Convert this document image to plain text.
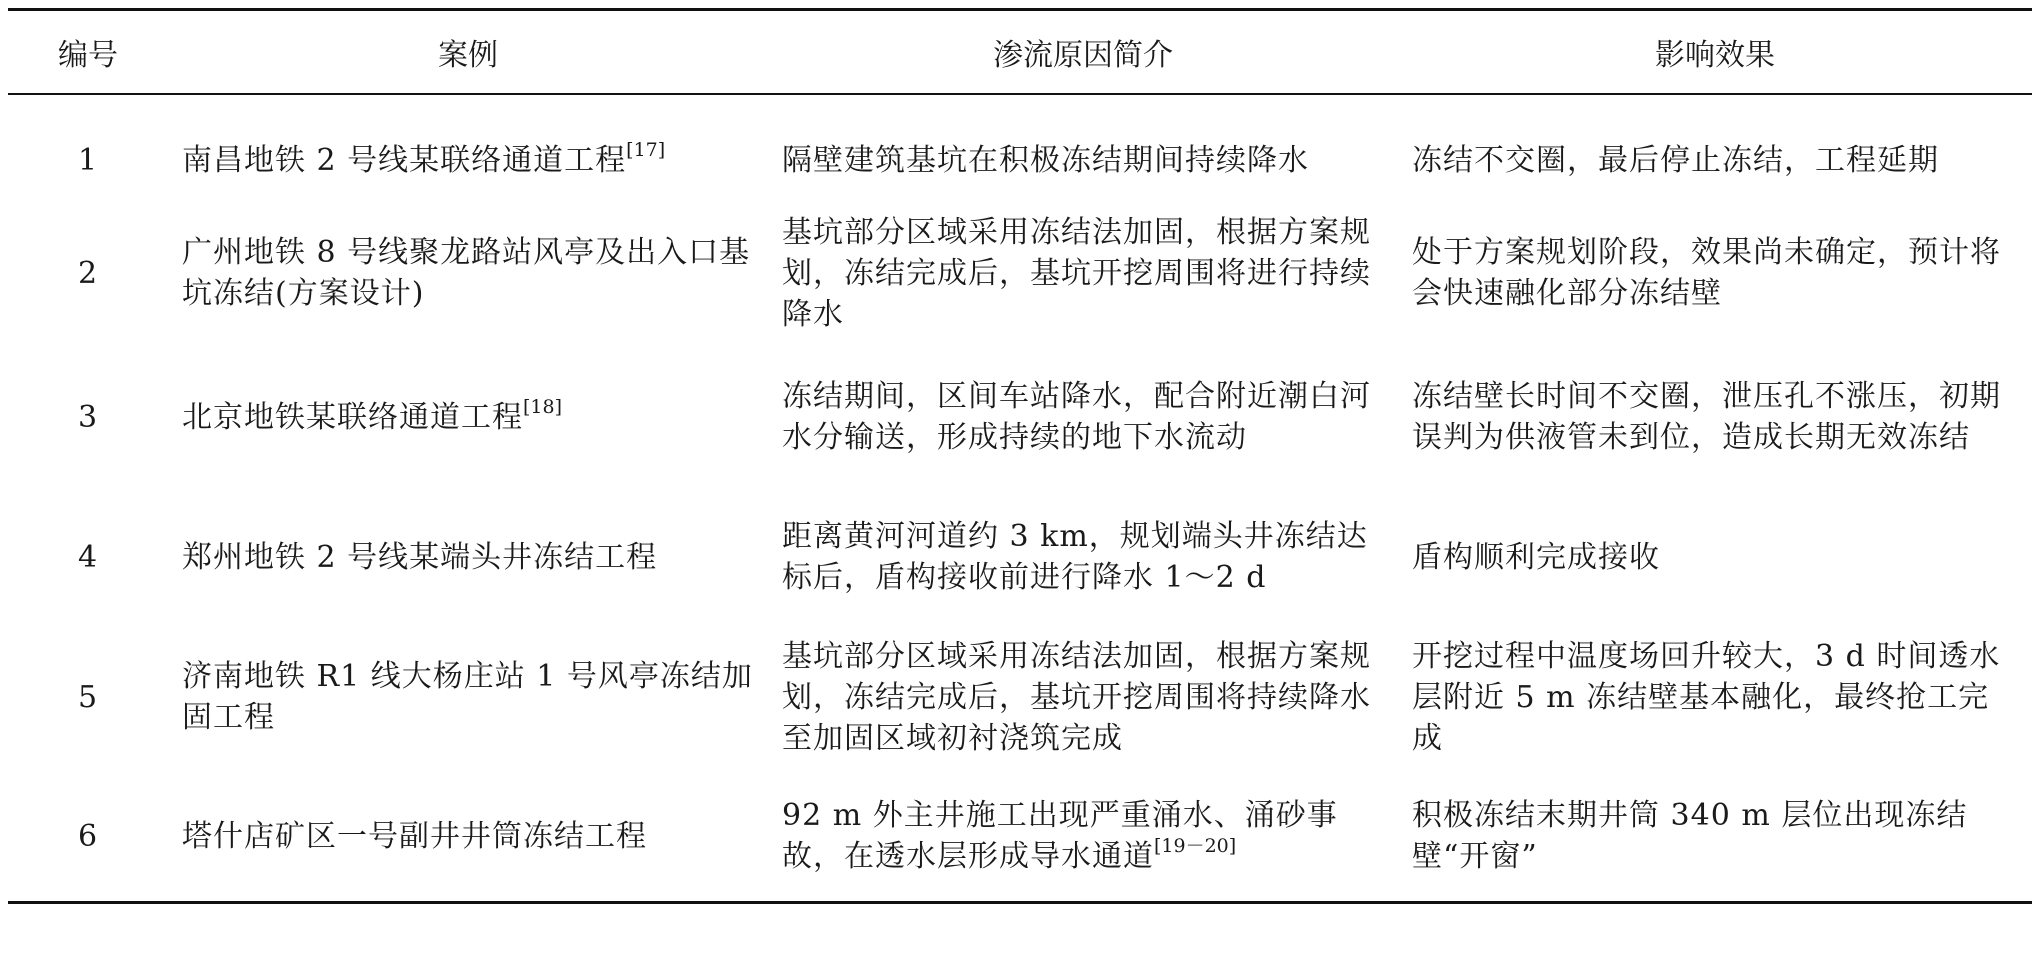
编号	案例	渗流原因简介	影响效果
1	南昌地铁 2 号线某联络通道工程[17]	隔壁建筑基坑在积极冻结期间持续降水	冻结不交圈，最后停止冻结，工程延期
2	广州地铁 8 号线聚龙路站风亭及出入口基坑冻结(方案设计)	基坑部分区域采用冻结法加固，根据方案规划，冻结完成后，基坑开挖周围将进行持续降水	处于方案规划阶段，效果尚未确定，预计将会快速融化部分冻结壁
3	北京地铁某联络通道工程[18]	冻结期间，区间车站降水，配合附近潮白河水分输送，形成持续的地下水流动	冻结壁长时间不交圈，泄压孔不涨压，初期误判为供液管未到位，造成长期无效冻结
4	郑州地铁 2 号线某端头井冻结工程	距离黄河河道约 3 km，规划端头井冻结达标后，盾构接收前进行降水 1～2 d	盾构顺利完成接收
5	济南地铁 R1 线大杨庄站 1 号风亭冻结加固工程	基坑部分区域采用冻结法加固，根据方案规划，冻结完成后，基坑开挖周围将持续降水至加固区域初衬浇筑完成	开挖过程中温度场回升较大，3 d 时间透水层附近 5 m 冻结壁基本融化，最终抢工完成
6	塔什店矿区一号副井井筒冻结工程	92 m 外主井施工出现严重涌水、涌砂事故，在透水层形成导水通道[19－20]	积极冻结末期井筒 340 m 层位出现冻结壁“开窗”
